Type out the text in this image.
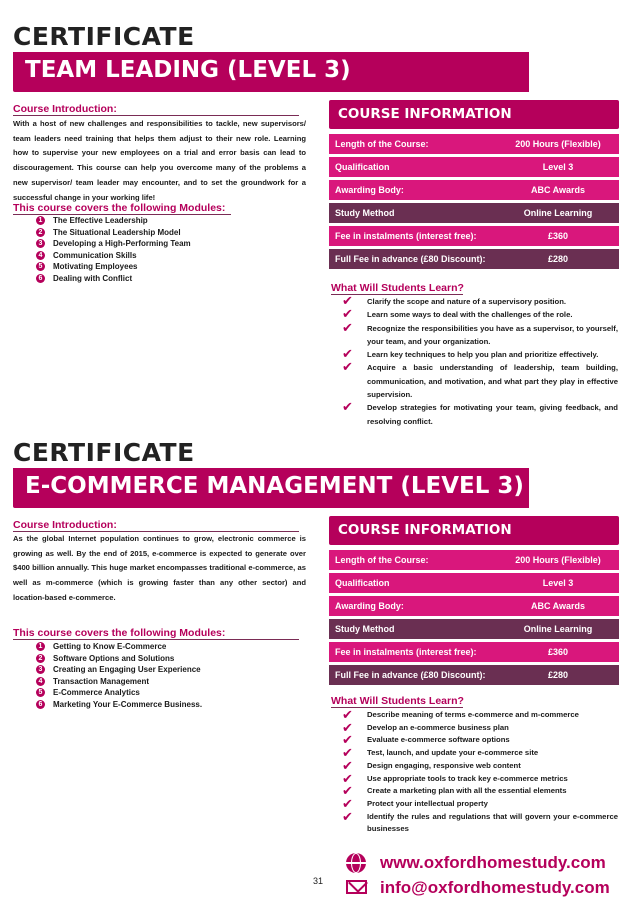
CERTIFICATE
TEAM LEADING (LEVEL 3)
Course Introduction:
With a host of new challenges and responsibilities to tackle, new supervisors/ team leaders need training that helps them adjust to their new role. Learning how to supervise your new employees on a trial and error basis can lead to discouragement. This course can help you overcome many of the problems a new supervisor/ team leader may encounter, and to set the groundwork for a successful change in your working life!
This course covers the following Modules:
1	The Effective Leadership
2	The Situational Leadership Model
3	Developing a High-Performing Team
4	Communication Skills
5	Motivating Employees
6	Dealing with Conflict
COURSE INFORMATION
Length of the Course:	200 Hours (Flexible)
Qualification	Level 3
Awarding Body:	ABC Awards
Study Method	Online Learning
Fee in instalments (interest free):	£360
Full Fee in advance (£80 Discount):	£280
What Will Students Learn?
✔ Clarify the scope and nature of a supervisory position.
✔ Learn some ways to deal with the challenges of the role.
✔ Recognize the responsibilities you have as a supervisor, to yourself, your team, and your organization.
✔ Learn key techniques to help you plan and prioritize effectively.
✔ Acquire a basic understanding of leadership, team building, communication, and motivation, and what part they play in effective supervision.
✔ Develop strategies for motivating your team, giving feedback, and resolving conflict.
CERTIFICATE
E-COMMERCE MANAGEMENT (LEVEL 3)
Course Introduction:
As the global Internet population continues to grow, electronic commerce is growing as well. By the end of 2015, e-commerce is expected to generate over $400 billion annually. This huge market encompasses traditional e-commerce, as well as m-commerce (which is growing faster than any other sector) and location-based e-commerce.
This course covers the following Modules:
1	Getting to Know E-Commerce
2	Software Options and Solutions
3	Creating an Engaging User Experience
4	Transaction Management
5	E-Commerce Analytics
6	Marketing Your E-Commerce Business.
COURSE INFORMATION
Length of the Course:	200 Hours (Flexible)
Qualification	Level 3
Awarding Body:	ABC Awards
Study Method	Online Learning
Fee in instalments (interest free):	£360
Full Fee in advance (£80 Discount):	£280
What Will Students Learn?
✔ Describe meaning of terms e-commerce and m-commerce
✔ Develop an e-commerce business plan
✔ Evaluate e-commerce software options
✔ Test, launch, and update your e-commerce site
✔ Design engaging, responsive web content
✔ Use appropriate tools to track key e-commerce metrics
✔ Create a marketing plan with all the essential elements
✔ Protect your intellectual property
✔ Identify the rules and regulations that will govern your e-commerce businesses
31
www.oxfordhomestudy.com
info@oxfordhomestudy.com
